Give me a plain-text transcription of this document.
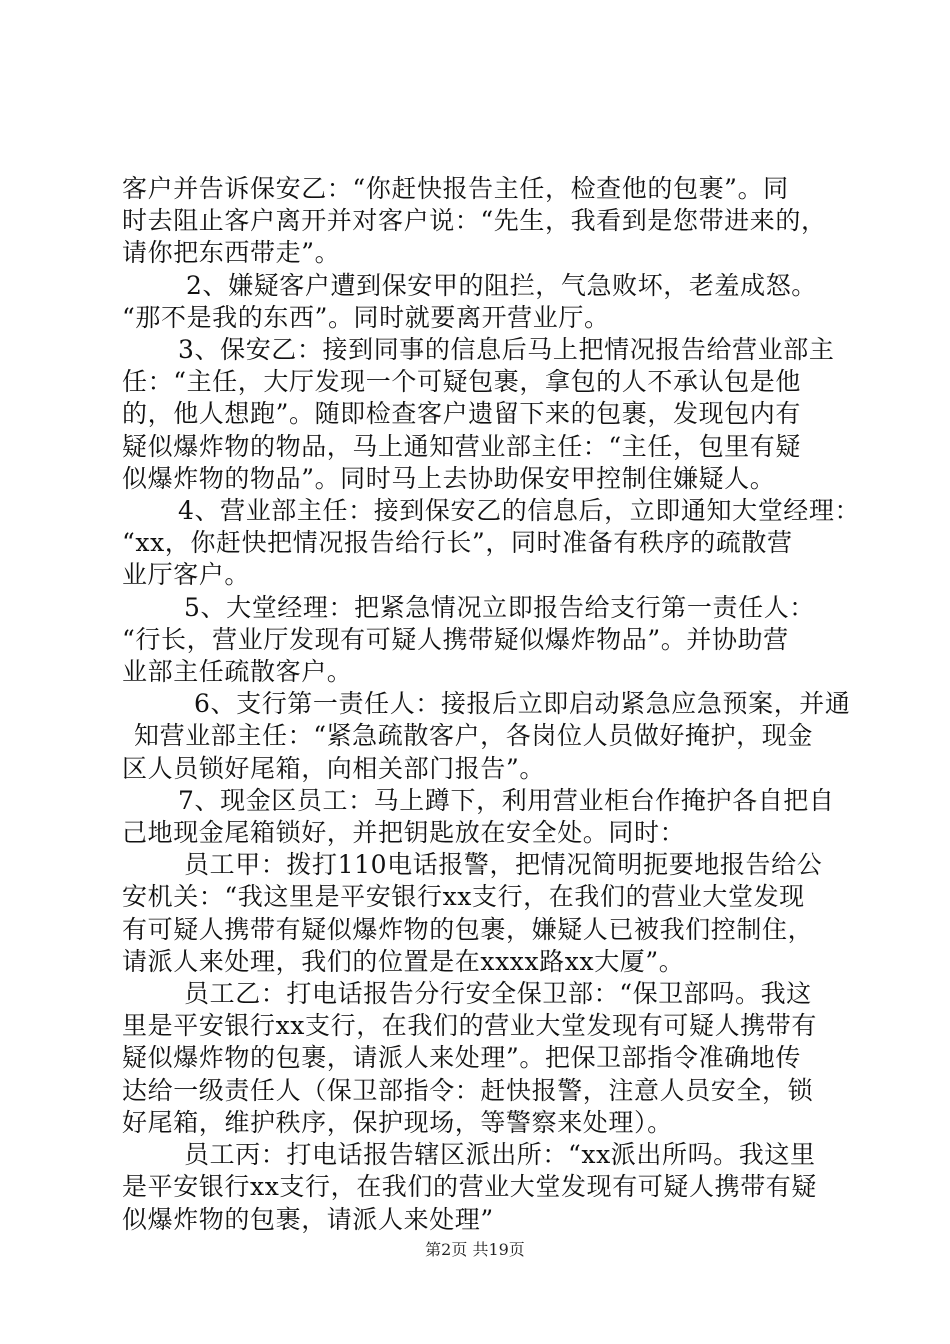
客户并告诉保安乙：“你赶快报告主任，检查他的包裹”。同
时去阻止客户离开并对客户说：“先生，我看到是您带进来的，
请你把东西带走”。
2、嫌疑客户遭到保安甲的阻拦，气急败坏，老羞成怒。
“那不是我的东西”。同时就要离开营业厅。
3、保安乙：接到同事的信息后马上把情况报告给营业部主
任：“主任，大厅发现一个可疑包裹，拿包的人不承认包是他
的，他人想跑”。随即检查客户遗留下来的包裹，发现包内有
疑似爆炸物的物品，马上通知营业部主任：“主任，包里有疑
似爆炸物的物品”。同时马上去协助保安甲控制住嫌疑人。
4、营业部主任：接到保安乙的信息后，立即通知大堂经理：
“xx，你赶快把情况报告给行长”，同时准备有秩序的疏散营
业厅客户。
5、大堂经理：把紧急情况立即报告给支行第一责任人：
“行长，营业厅发现有可疑人携带疑似爆炸物品”。并协助营
业部主任疏散客户。
6、支行第一责任人：接报后立即启动紧急应急预案，并通
知营业部主任：“紧急疏散客户，各岗位人员做好掩护，现金
区人员锁好尾箱，向相关部门报告”。
7、现金区员工：马上蹲下，利用营业柜台作掩护各自把自
己地现金尾箱锁好，并把钥匙放在安全处。同时：
员工甲：拨打110电话报警，把情况简明扼要地报告给公
安机关：“我这里是平安银行xx支行，在我们的营业大堂发现
有可疑人携带有疑似爆炸物的包裹，嫌疑人已被我们控制住，
请派人来处理，我们的位置是在xxxx路xx大厦”。
员工乙：打电话报告分行安全保卫部：“保卫部吗。我这
里是平安银行xx支行，在我们的营业大堂发现有可疑人携带有
疑似爆炸物的包裹，请派人来处理”。把保卫部指令准确地传
达给一级责任人（保卫部指令：赶快报警，注意人员安全，锁
好尾箱，维护秩序，保护现场，等警察来处理）。
员工丙：打电话报告辖区派出所：“xx派出所吗。我这里
是平安银行xx支行，在我们的营业大堂发现有可疑人携带有疑
似爆炸物的包裹，请派人来处理”
第2页 共19页
